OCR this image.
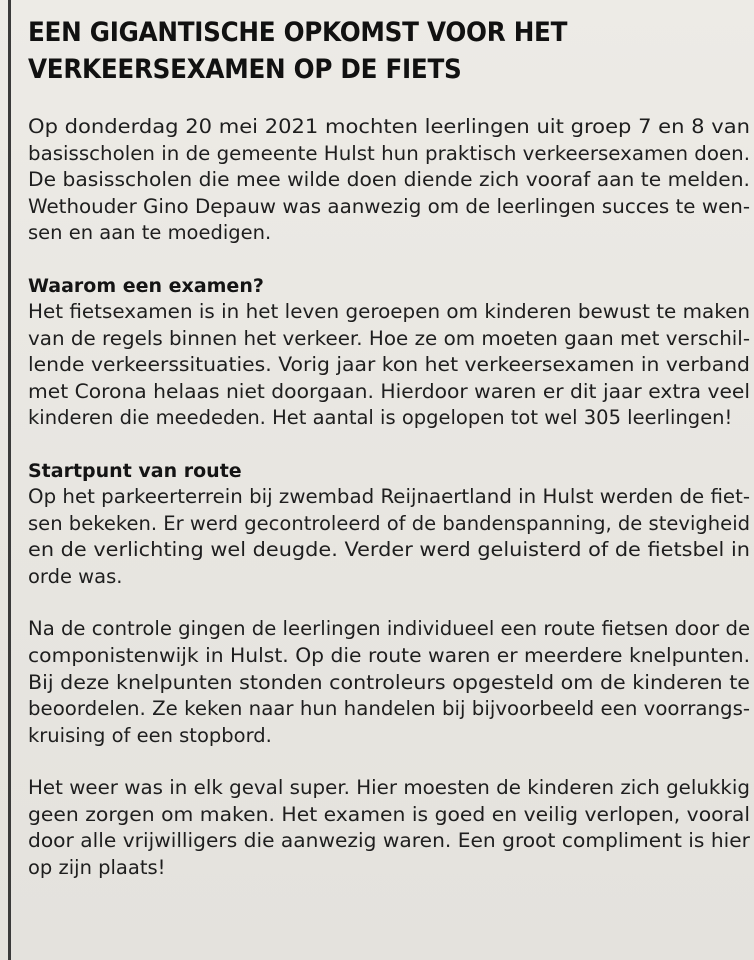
EEN GIGANTISCHE OPKOMST VOOR HET
VERKEERSEXAMEN OP DE FIETS

Op donderdag 20 mei 2021 mochten leerlingen uit groep 7 en 8 van
basisscholen in de gemeente Hulst hun praktisch verkeersexamen doen.
De basisscholen die mee wilde doen diende zich vooraf aan te melden.
Wethouder Gino Depauw was aanwezig om de leerlingen succes te wen-
sen en aan te moedigen.

Waarom een examen?

Het fietsexamen is in het leven geroepen om kinderen bewust te maken
van de regels binnen het verkeer. Hoe ze om moeten gaan met verschil-
lende verkeerssituaties. Vorig jaar kon het verkeersexamen in verband
met Corona helaas niet doorgaan. Hierdoor waren er dit jaar extra veel
kinderen die meededen. Het aantal is opgelopen tot wel 305 leerlingen!

Startpunt van route

Op het parkeerterrein bij zwembad Reijnaertland in Hulst werden de fiet-
sen bekeken. Er werd gecontroleerd of de bandenspanning, de stevigheid
en de verlichting wel deugde. Verder werd geluisterd of de fietsbel in
orde was.

Na de controle gingen de leerlingen individueel een route fietsen door de
componistenwijk in Hulst. Op die route waren er meerdere knelpunten.
Bij deze knelpunten stonden controleurs opgesteld om de kinderen te
beoordelen. Ze keken naar hun handelen bij bijvoorbeeld een voorrangs-
kruising of een stopbord.

Het weer was in elk geval super. Hier moesten de kinderen zich gelukkig
geen zorgen om maken. Het examen is goed en veilig verlopen, vooral
door alle vrijwilligers die aanwezig waren. Een groot compliment is hier
op zijn plaats!
